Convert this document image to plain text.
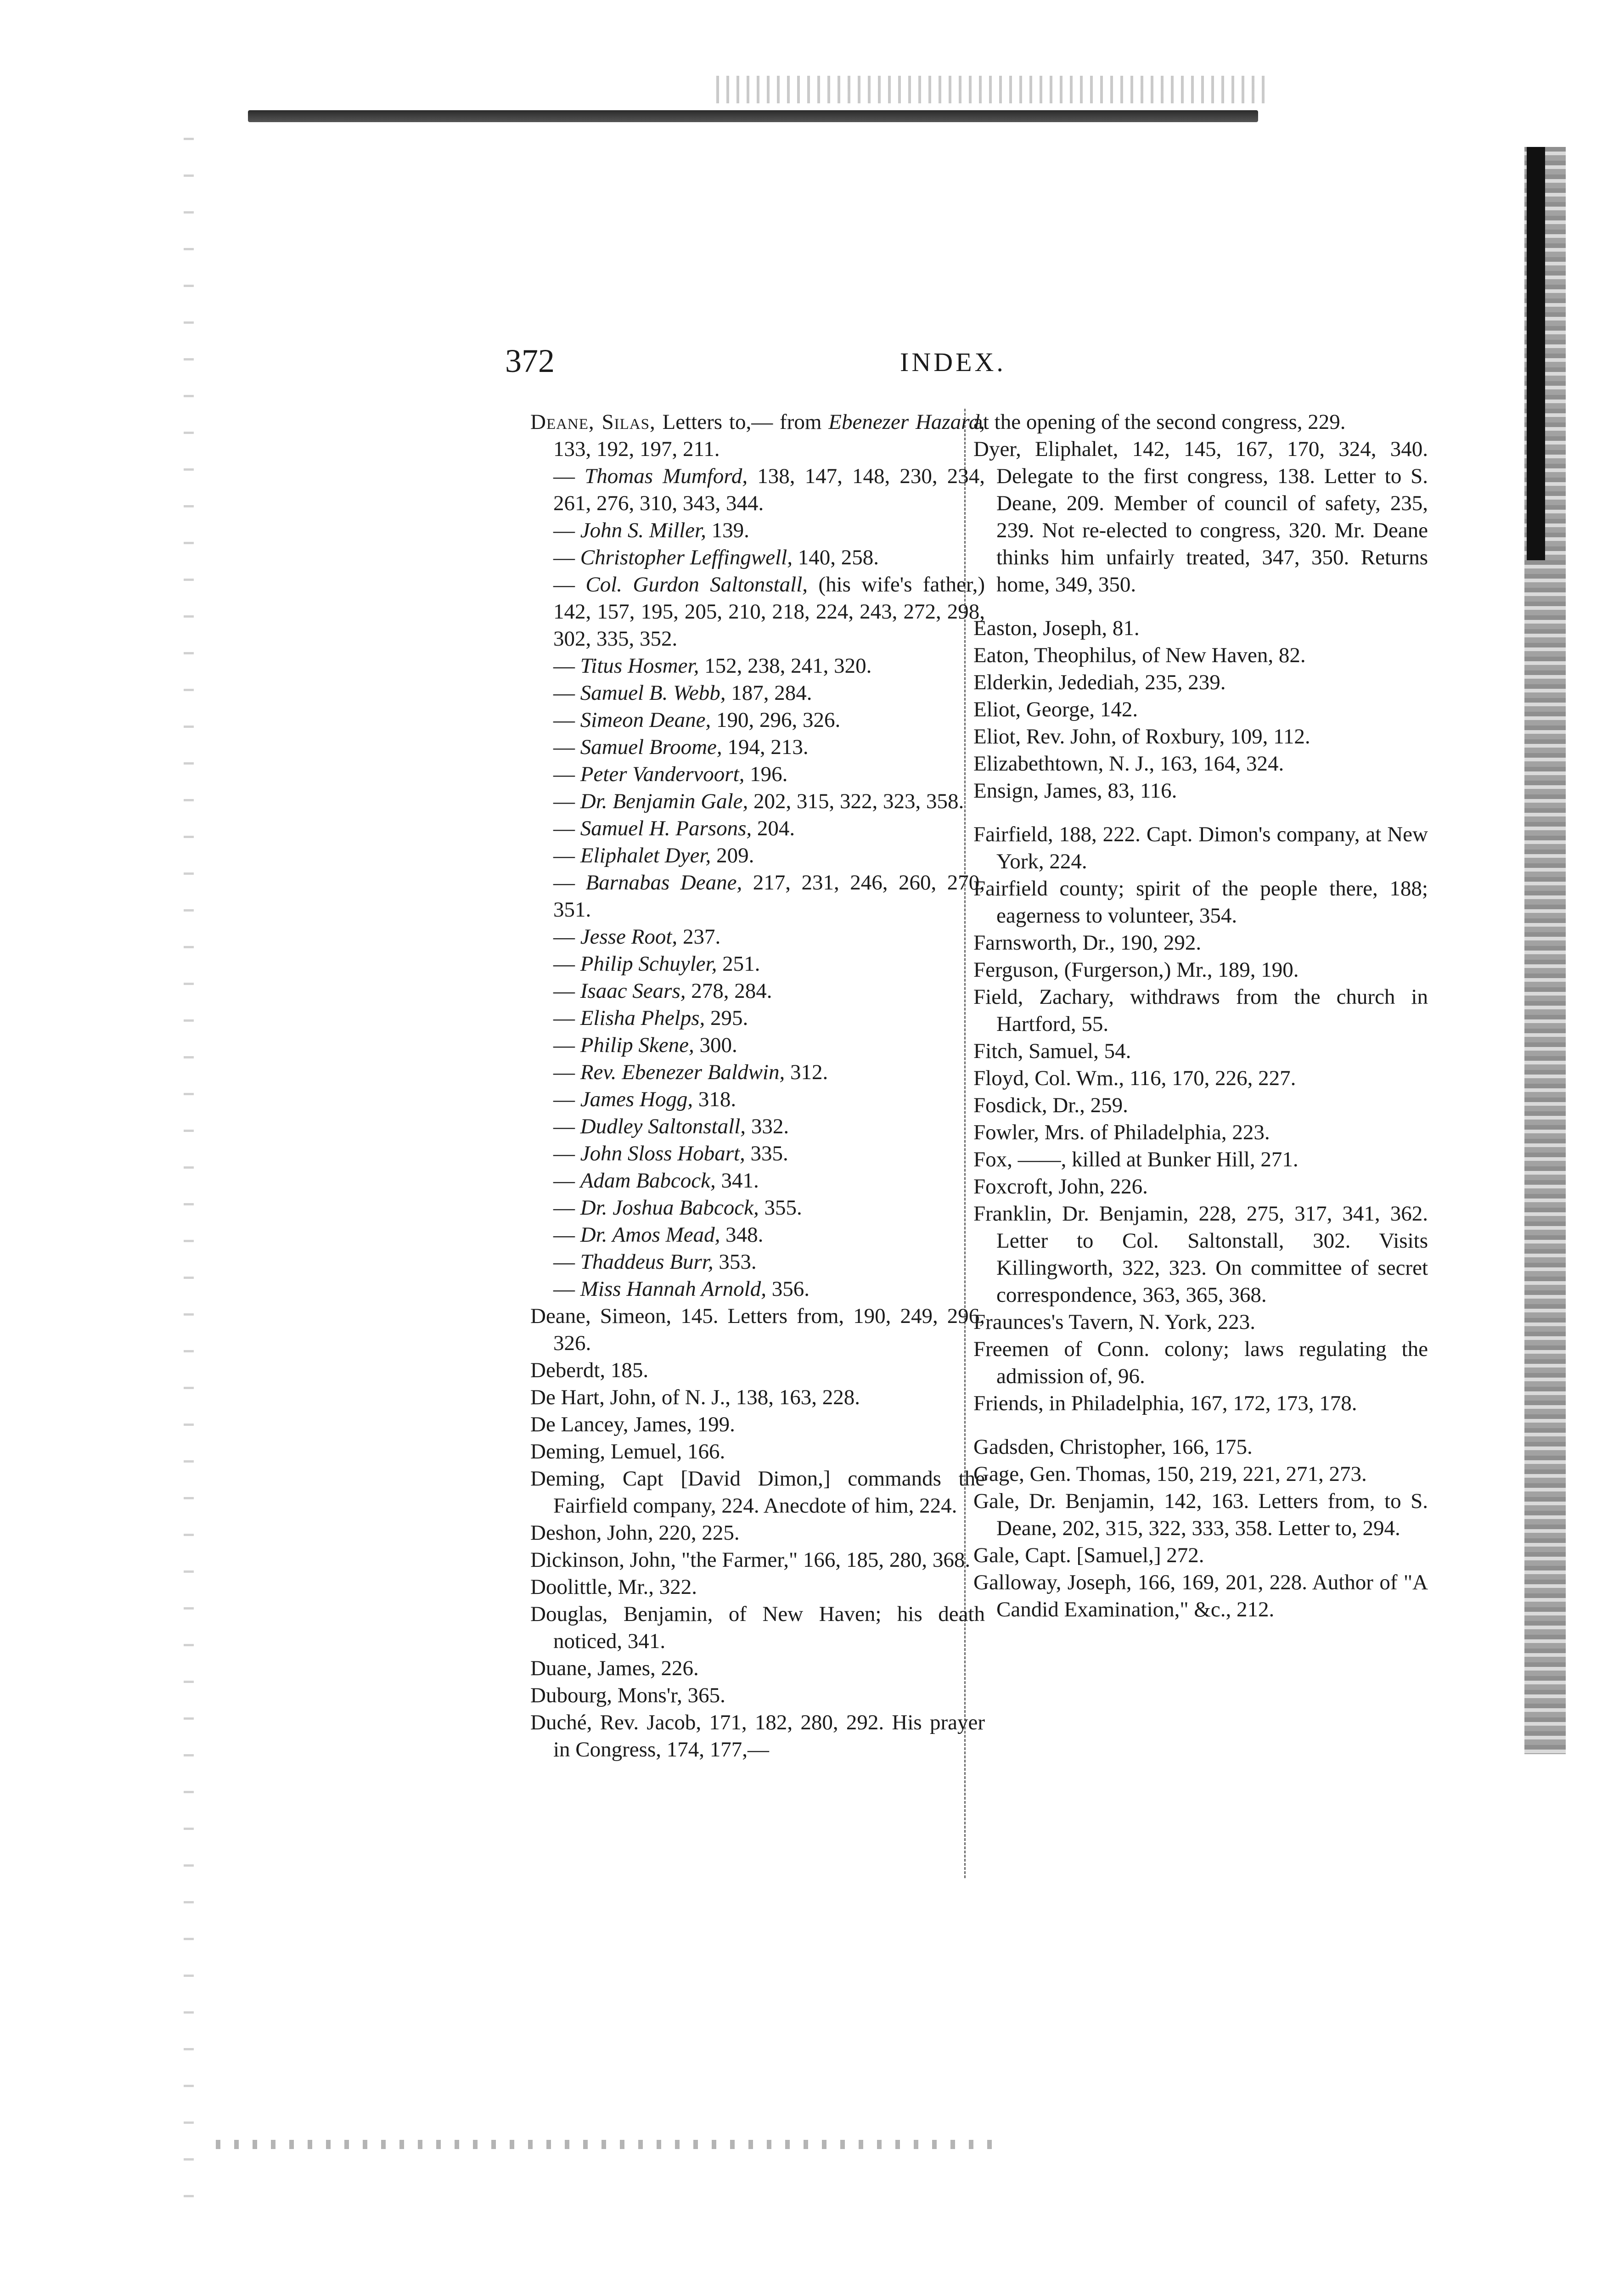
372	INDEX.
Deane, Silas, Letters to,— from Ebenezer Hazard, 133, 192, 197, 211.
— Thomas Mumford, 138, 147, 148, 230, 234, 261, 276, 310, 343, 344.
— John S. Miller, 139.
— Christopher Leffingwell, 140, 258.
— Col. Gurdon Saltonstall, (his wife's father,) 142, 157, 195, 205, 210, 218, 224, 243, 272, 298, 302, 335, 352.
— Titus Hosmer, 152, 238, 241, 320.
— Samuel B. Webb, 187, 284.
— Simeon Deane, 190, 296, 326.
— Samuel Broome, 194, 213.
— Peter Vandervoort, 196.
— Dr. Benjamin Gale, 202, 315, 322, 323, 358.
— Samuel H. Parsons, 204.
— Eliphalet Dyer, 209.
— Barnabas Deane, 217, 231, 246, 260, 270, 351.
— Jesse Root, 237.
— Philip Schuyler, 251.
— Isaac Sears, 278, 284.
— Elisha Phelps, 295.
— Philip Skene, 300.
— Rev. Ebenezer Baldwin, 312.
— James Hogg, 318.
— Dudley Saltonstall, 332.
— John Sloss Hobart, 335.
— Adam Babcock, 341.
— Dr. Joshua Babcock, 355.
— Dr. Amos Mead, 348.
— Thaddeus Burr, 353.
— Miss Hannah Arnold, 356.
Deane, Simeon, 145. Letters from, 190, 249, 296, 326.
Deberdt, 185.
De Hart, John, of N. J., 138, 163, 228.
De Lancey, James, 199.
Deming, Lemuel, 166.
Deming, Capt [David Dimon,] commands the Fairfield company, 224. Anecdote of him, 224.
Deshon, John, 220, 225.
Dickinson, John, "the Farmer," 166, 185, 280, 368.
Doolittle, Mr., 322.
Douglas, Benjamin, of New Haven; his death noticed, 341.
Duane, James, 226.
Dubourg, Mons'r, 365.
Duché, Rev. Jacob, 171, 182, 280, 292. His prayer in Congress, 174, 177,—
at the opening of the second congress, 229.
Dyer, Eliphalet, 142, 145, 167, 170, 324, 340. Delegate to the first congress, 138. Letter to S. Deane, 209. Member of council of safety, 235, 239. Not re-elected to congress, 320. Mr. Deane thinks him unfairly treated, 347, 350. Returns home, 349, 350.
Easton, Joseph, 81.
Eaton, Theophilus, of New Haven, 82.
Elderkin, Jedediah, 235, 239.
Eliot, George, 142.
Eliot, Rev. John, of Roxbury, 109, 112.
Elizabethtown, N. J., 163, 164, 324.
Ensign, James, 83, 116.
Fairfield, 188, 222. Capt. Dimon's company, at New York, 224.
Fairfield county; spirit of the people there, 188; eagerness to volunteer, 354.
Farnsworth, Dr., 190, 292.
Ferguson, (Furgerson,) Mr., 189, 190.
Field, Zachary, withdraws from the church in Hartford, 55.
Fitch, Samuel, 54.
Floyd, Col. Wm., 116, 170, 226, 227.
Fosdick, Dr., 259.
Fowler, Mrs. of Philadelphia, 223.
Fox, ——, killed at Bunker Hill, 271.
Foxcroft, John, 226.
Franklin, Dr. Benjamin, 228, 275, 317, 341, 362. Letter to Col. Saltonstall, 302. Visits Killingworth, 322, 323. On committee of secret correspondence, 363, 365, 368.
Fraunces's Tavern, N. York, 223.
Freemen of Conn. colony; laws regulating the admission of, 96.
Friends, in Philadelphia, 167, 172, 173, 178.
Gadsden, Christopher, 166, 175.
Gage, Gen. Thomas, 150, 219, 221, 271, 273.
Gale, Dr. Benjamin, 142, 163. Letters from, to S. Deane, 202, 315, 322, 333, 358. Letter to, 294.
Gale, Capt. [Samuel,] 272.
Galloway, Joseph, 166, 169, 201, 228. Author of "A Candid Examination," &c., 212.
